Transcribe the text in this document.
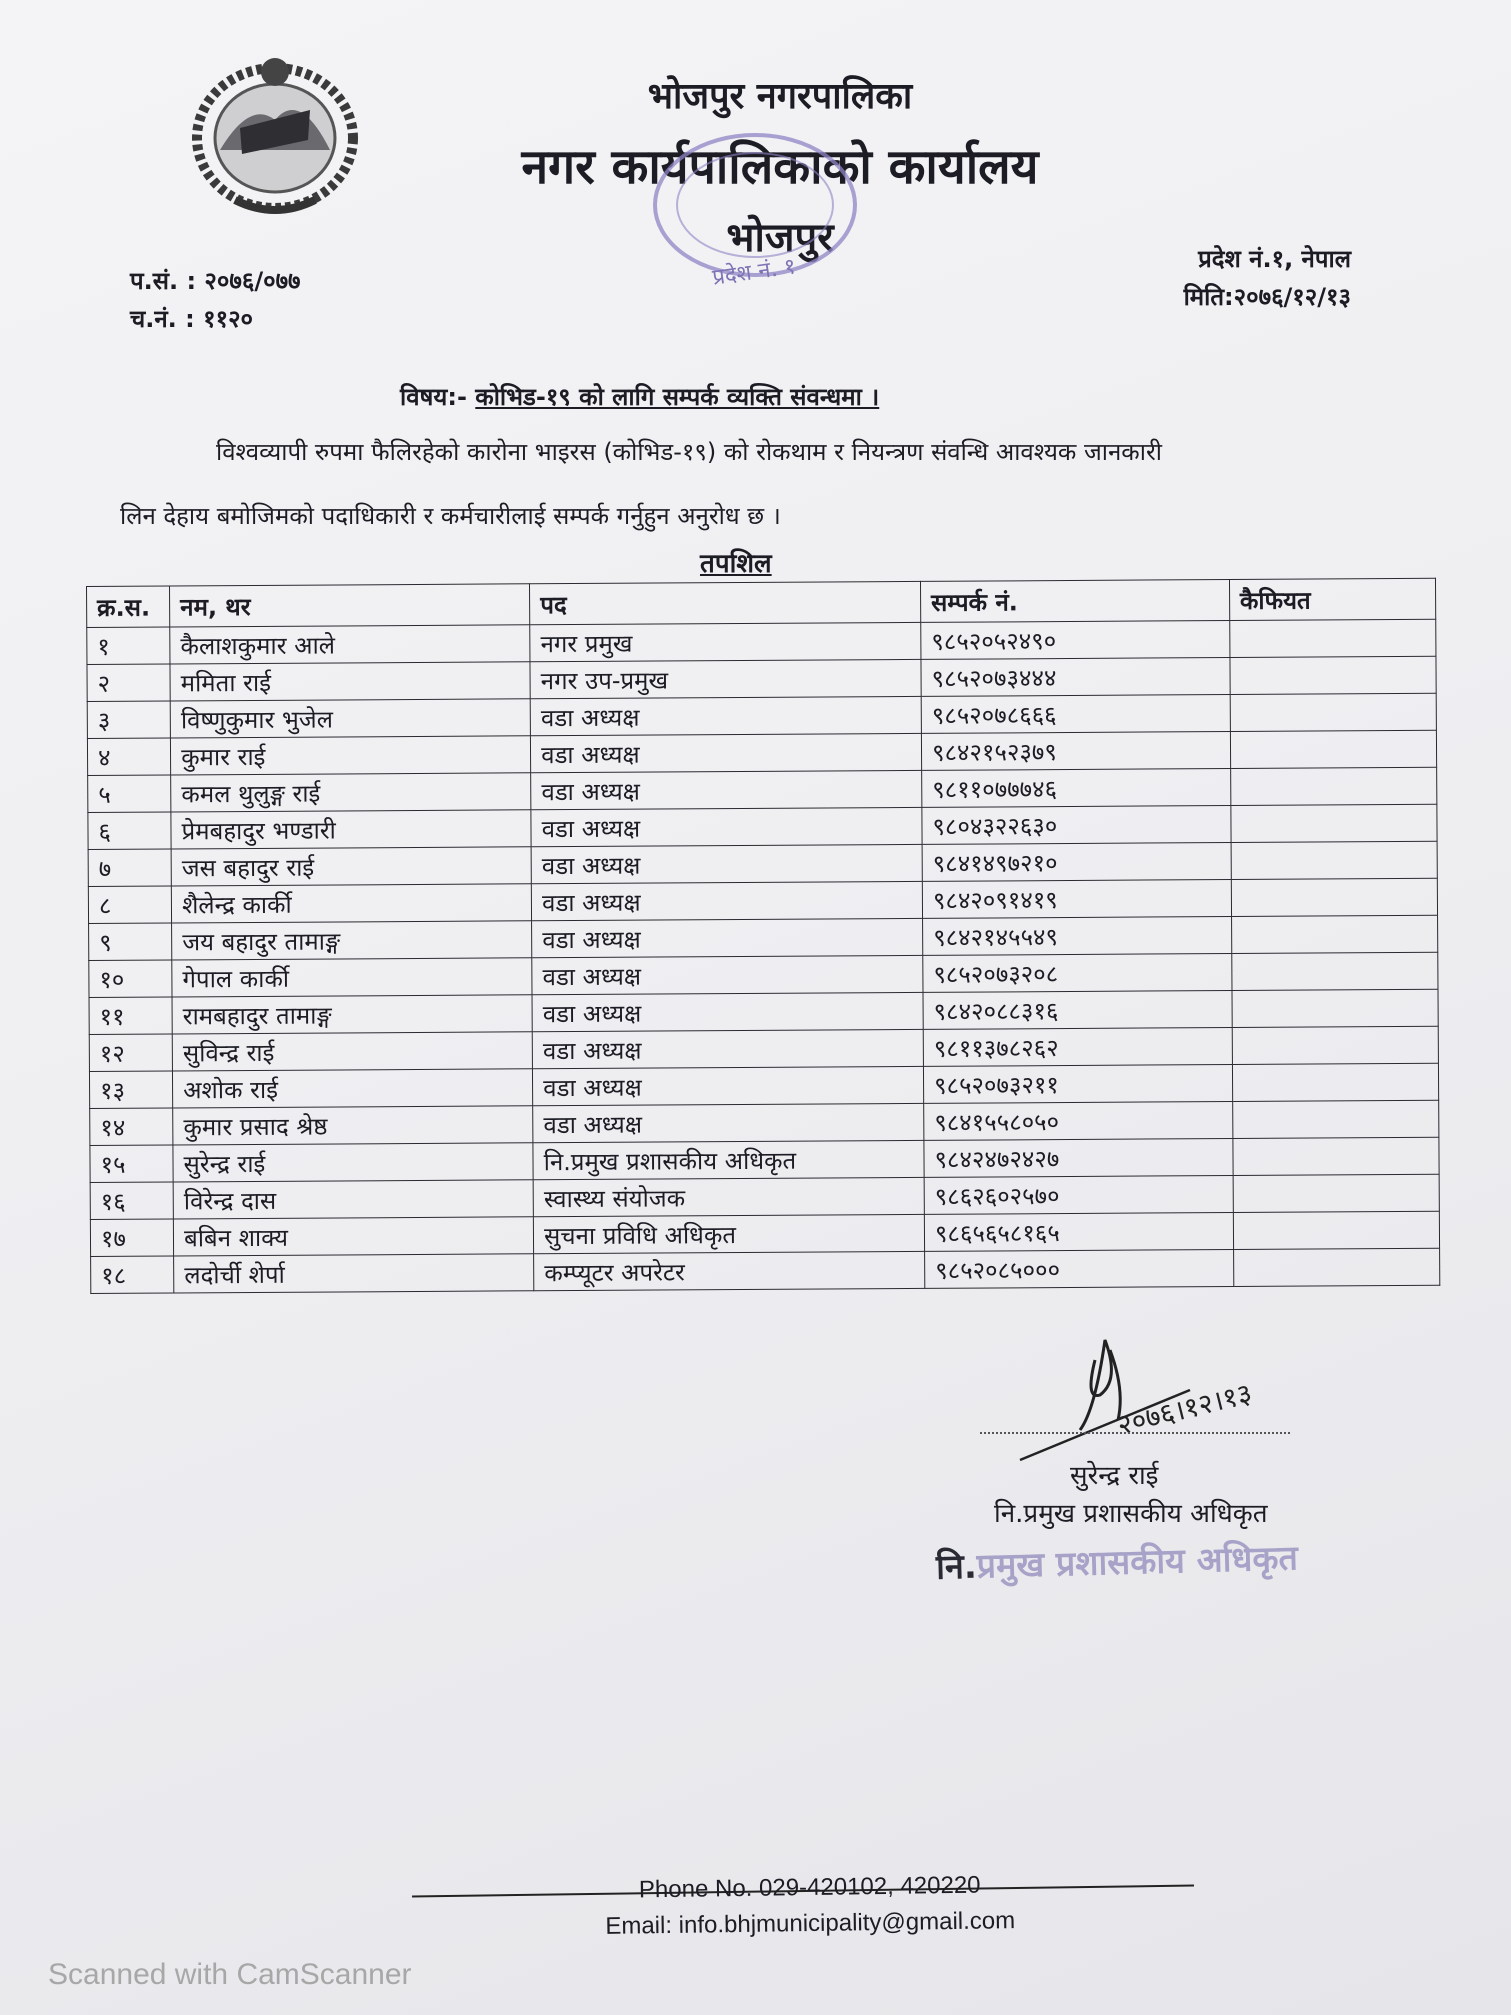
भोजपुर नगरपालिका
नगर कार्यपालिकाको कार्यालय
भोजपुर
प्रदेश नं. १
प.सं. : २०७६/०७७
च.नं. : ११२०
प्रदेश नं.१, नेपाल
मिति:२०७६/१२/१३
विषय:- कोभिड-१९ को लागि सम्पर्क व्यक्ति संवन्धमा ।
विश्वव्यापी रुपमा फैलिरहेको कारोना भाइरस (कोभिड-१९) को रोकथाम र नियन्त्रण संवन्धि आवश्यक जानकारी
लिन देहाय बमोजिमको पदाधिकारी र कर्मचारीलाई सम्पर्क गर्नुहुन अनुरोध छ ।
तपशिल
क्र.स.	नम, थर	पद	सम्पर्क नं.	कैफियत
१	कैलाशकुमार आले	नगर प्रमुख	९८५२०५२४९०	
२	ममिता राई	नगर उप-प्रमुख	९८५२०७३४४४	
३	विष्णुकुमार भुजेल	वडा अध्यक्ष	९८५२०७८६६६	
४	कुमार राई	वडा अध्यक्ष	९८४२१५२३७९	
५	कमल थुलुङ्ग राई	वडा अध्यक्ष	९८११०७७७४६	
६	प्रेमबहादुर भण्डारी	वडा अध्यक्ष	९८०४३२२६३०	
७	जस बहादुर राई	वडा अध्यक्ष	९८४१४९७२१०	
८	शैलेन्द्र कार्की	वडा अध्यक्ष	९८४२०९१४१९	
९	जय बहादुर तामाङ्ग	वडा अध्यक्ष	९८४२१४५५४९	
१०	गेपाल कार्की	वडा अध्यक्ष	९८५२०७३२०८	
११	रामबहादुर तामाङ्ग	वडा अध्यक्ष	९८४२०८८३१६	
१२	सुविन्द्र राई	वडा अध्यक्ष	९८११३७८२६२	
१३	अशोक राई	वडा अध्यक्ष	९८५२०७३२११	
१४	कुमार प्रसाद श्रेष्ठ	वडा अध्यक्ष	९८४१५५८०५०	
१५	सुरेन्द्र राई	नि.प्रमुख प्रशासकीय अधिकृत	९८४२४७२४२७	
१६	विरेन्द्र दास	स्वास्थ्य संयोजक	९८६२६०२५७०	
१७	बबिन शाक्य	सुचना प्रविधि अधिकृत	९८६५६५८१६५	
१८	लदोर्ची शेर्पा	कम्प्यूटर अपरेटर	९८५२०८५०००	
२०७६।१२।१३
सुरेन्द्र राई
नि.प्रमुख प्रशासकीय अधिकृत
नि.प्रमुख प्रशासकीय अधिकृत
Phone No. 029-420102, 420220
Email: info.bhjmunicipality@gmail.com
Scanned with CamScanner
